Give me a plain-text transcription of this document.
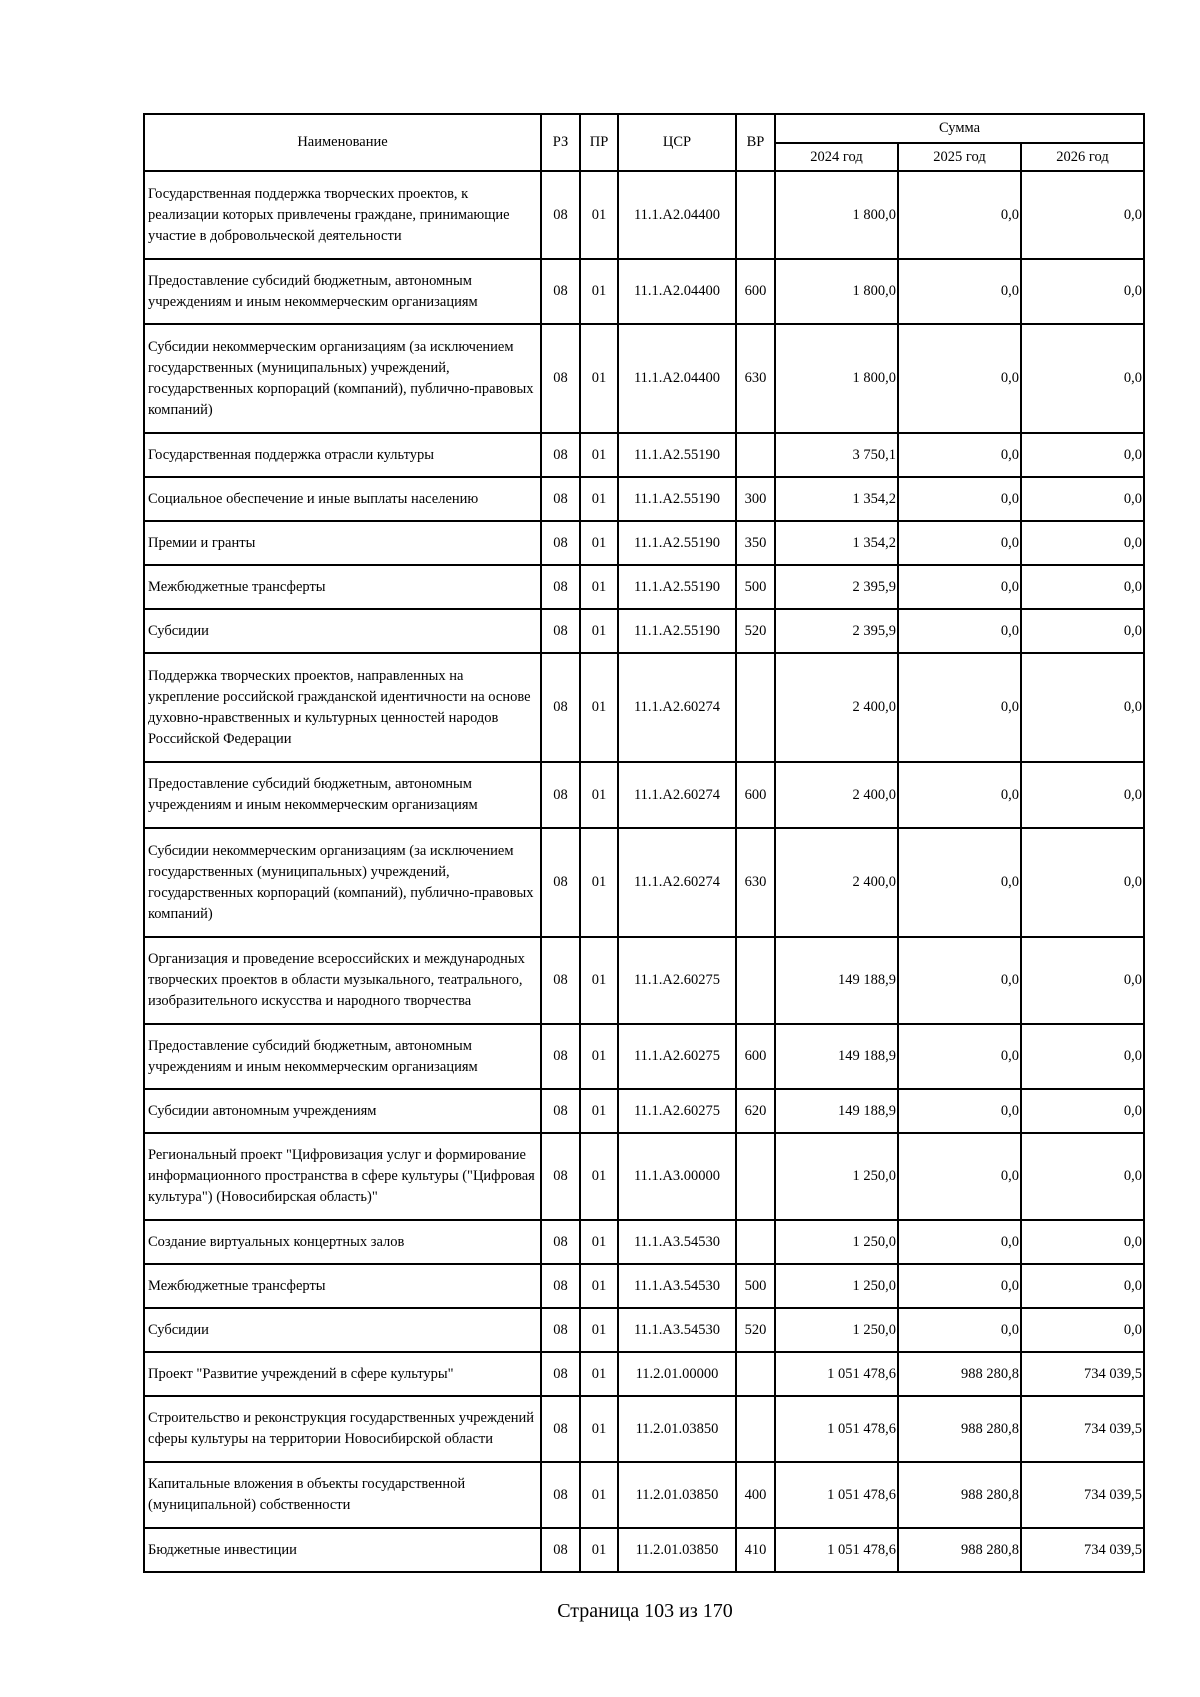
Наименование	РЗ	ПР	ЦСР	ВР	Сумма		
					2024 год	2025 год	2026 год
Государственная поддержка творческих проектов, к реализации которых привлечены граждане, принимающие участие в добровольческой деятельности	08	01	11.1.А2.04400		1 800,0	0,0	0,0
Предоставление субсидий бюджетным, автономным учреждениям и иным некоммерческим организациям	08	01	11.1.А2.04400	600	1 800,0	0,0	0,0
Субсидии некоммерческим организациям (за исключением государственных (муниципальных) учреждений, государственных корпораций (компаний), публично-правовых компаний)	08	01	11.1.А2.04400	630	1 800,0	0,0	0,0
Государственная поддержка отрасли культуры	08	01	11.1.А2.55190		3 750,1	0,0	0,0
Социальное обеспечение и иные выплаты населению	08	01	11.1.А2.55190	300	1 354,2	0,0	0,0
Премии и гранты	08	01	11.1.А2.55190	350	1 354,2	0,0	0,0
Межбюджетные трансферты	08	01	11.1.А2.55190	500	2 395,9	0,0	0,0
Субсидии	08	01	11.1.А2.55190	520	2 395,9	0,0	0,0
Поддержка творческих проектов, направленных на укрепление российской гражданской идентичности на основе духовно-нравственных и культурных ценностей народов Российской Федерации	08	01	11.1.А2.60274		2 400,0	0,0	0,0
Предоставление субсидий бюджетным, автономным учреждениям и иным некоммерческим организациям	08	01	11.1.А2.60274	600	2 400,0	0,0	0,0
Субсидии некоммерческим организациям (за исключением государственных (муниципальных) учреждений, государственных корпораций (компаний), публично-правовых компаний)	08	01	11.1.А2.60274	630	2 400,0	0,0	0,0
Организация и проведение всероссийских и международных творческих проектов в области музыкального, театрального, изобразительного искусства и народного творчества	08	01	11.1.А2.60275		149 188,9	0,0	0,0
Предоставление субсидий бюджетным, автономным учреждениям и иным некоммерческим организациям	08	01	11.1.А2.60275	600	149 188,9	0,0	0,0
Субсидии автономным учреждениям	08	01	11.1.А2.60275	620	149 188,9	0,0	0,0
Региональный проект "Цифровизация услуг и формирование информационного пространства в сфере культуры ("Цифровая культура") (Новосибирская область)"	08	01	11.1.А3.00000		1 250,0	0,0	0,0
Создание виртуальных концертных залов	08	01	11.1.А3.54530		1 250,0	0,0	0,0
Межбюджетные трансферты	08	01	11.1.А3.54530	500	1 250,0	0,0	0,0
Субсидии	08	01	11.1.А3.54530	520	1 250,0	0,0	0,0
Проект "Развитие учреждений в сфере культуры"	08	01	11.2.01.00000		1 051 478,6	988 280,8	734 039,5
Строительство и реконструкция государственных учреждений сферы культуры на территории Новосибирской области	08	01	11.2.01.03850		1 051 478,6	988 280,8	734 039,5
Капитальные вложения в объекты государственной (муниципальной) собственности	08	01	11.2.01.03850	400	1 051 478,6	988 280,8	734 039,5
Бюджетные инвестиции	08	01	11.2.01.03850	410	1 051 478,6	988 280,8	734 039,5
Страница 103 из 170
